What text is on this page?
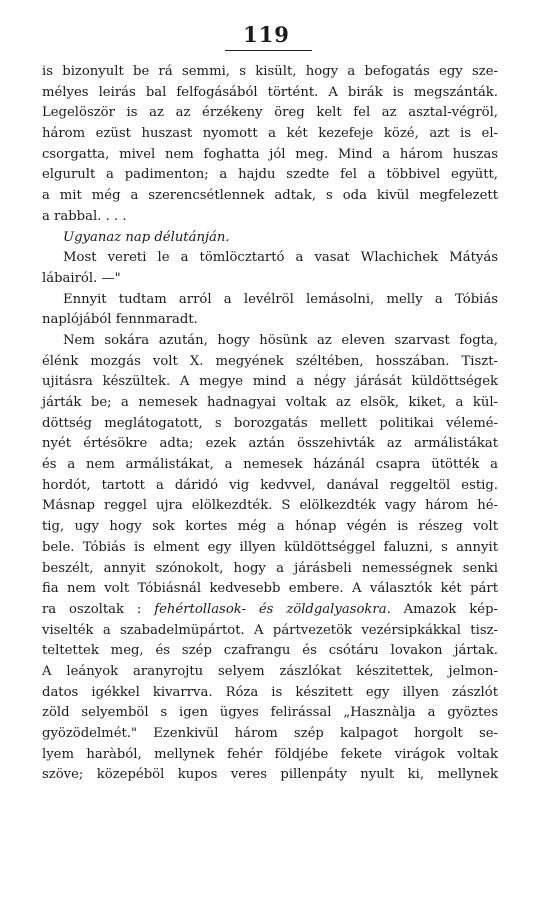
119
is bizonyult be rá semmi, s kisült, hogy a befogatás egy sze-
mélyes leirás bal felfogásából történt. A birák is megszánták.
Legelöször is az az érzékeny öreg kelt fel az asztal-végröl,
három ezüst huszast nyomott a két kezefeje közé, azt is el-
csorgatta, mivel nem foghatta jól meg. Mind a három huszas
elgurult a padimenton; a hajdu szedte fel a többivel együtt,
a mit még a szerencsétlennek adtak, s oda kivül megfelezett
a rabbal. . . .
Ugyanaz nap délutánján.
Most vereti le a tömlöcztartó a vasat Wlachichek Mátyás
lábairól. —"
Ennyit tudtam arról a levélröl lemásolni, melly a Tóbiás
naplójából fennmaradt.
Nem sokára azután, hogy hösünk az eleven szarvast fogta,
élénk mozgás volt X. megyének széltében, hosszában. Tiszt-
ujitásra készültek. A megye mind a négy járását küldöttségek
járták be; a nemesek hadnagyai voltak az elsök, kiket, a kül-
döttség meglátogatott, s borozgatás mellett politikai vélemé-
nyét értésökre adta; ezek aztán összehivták az armálistákat
és a nem armálistákat, a nemesek házánál csapra ütötték a
hordót, tartott a dáridó vig kedvvel, danával reggeltöl estig.
Másnap reggel ujra elölkezdték. S elölkezdték vagy három hé-
tig, ugy hogy sok kortes még a hónap végén is részeg volt
bele. Tóbiás is elment egy illyen küldöttséggel faluzni, s annyit
beszélt, annyit szónokolt, hogy a járásbeli nemességnek senki
fia nem volt Tóbiásnál kedvesebb embere. A választók két párt
ra oszoltak : fehértollasok- és zöldgalyasokra. Amazok kép-
viselték a szabadelmüpártot. A pártvezetök vezérsipkákkal tisz-
teltettek meg, és szép czafrangu és csótáru lovakon jártak.
A leányok aranyrojtu selyem zászlókat készitettek, jelmon-
datos igékkel kivarrva. Róza is készitett egy illyen zászlót
zöld selyemböl s igen ügyes felirással „Hasznàlja a gyöztes
gyözödelmét." Ezenkivül három szép kalpagot horgolt se-
lyem haràból, mellynek fehér földjébe fekete virágok voltak
szöve; közepéböl kupos veres pillenpáty nyult ki, mellynek
